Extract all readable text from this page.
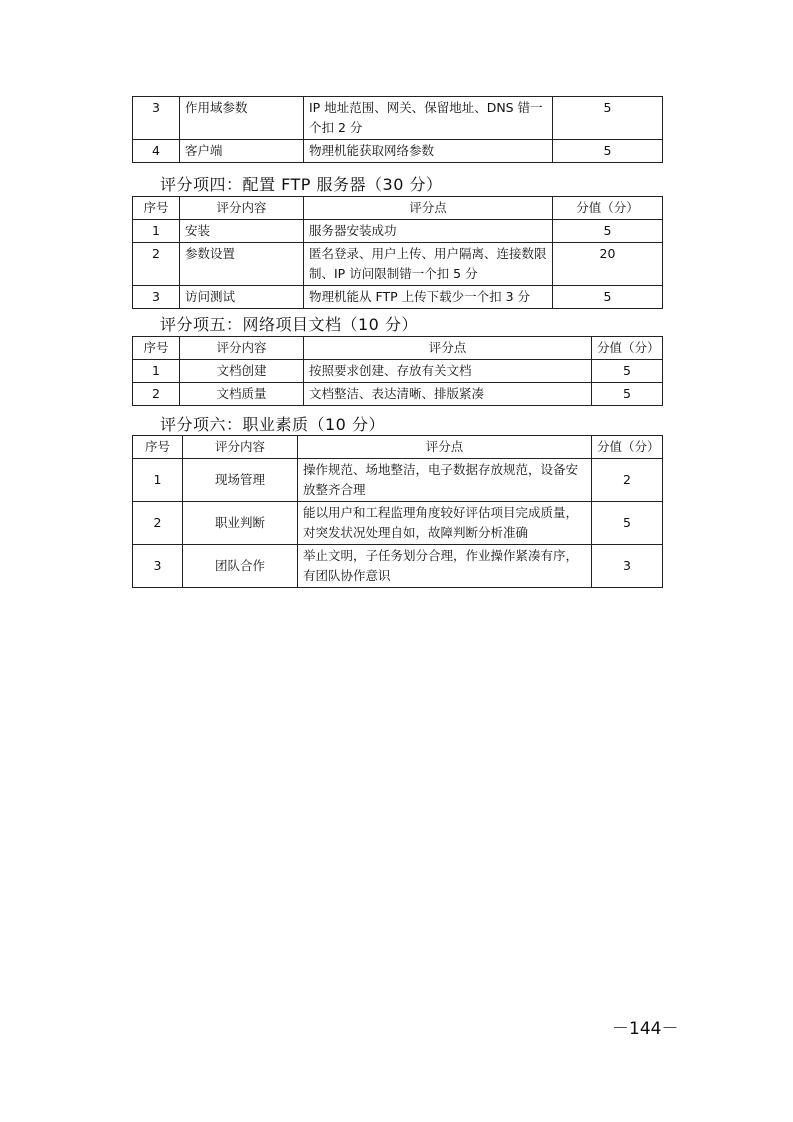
3	作用域参数	IP 地址范围、网关、保留地址、DNS 错一个扣 2 分	5
4	客户端	物理机能获取网络参数	5
评分项四：配置 FTP 服务器（30 分）
序号	评分内容	评分点	分值（分）
1	安装	服务器安装成功	5
2	参数设置	匿名登录、用户上传、用户隔离、连接数限制、IP 访问限制错一个扣 5 分	20
3	访问测试	物理机能从 FTP 上传下载少一个扣 3 分	5
评分项五：网络项目文档（10 分）
序号	评分内容	评分点	分值（分）
1	文档创建	按照要求创建、存放有关文档	5
2	文档质量	文档整洁、表达清晰、排版紧凑	5
评分项六：职业素质（10 分）
序号	评分内容	评分点	分值（分）
1	现场管理	操作规范、场地整洁，电子数据存放规范，设备安放整齐合理	2
2	职业判断	能以用户和工程监理角度较好评估项目完成质量，对突发状况处理自如，故障判断分析准确	5
3	团队合作	举止文明，子任务划分合理，作业操作紧凑有序，有团队协作意识	3
－144－
